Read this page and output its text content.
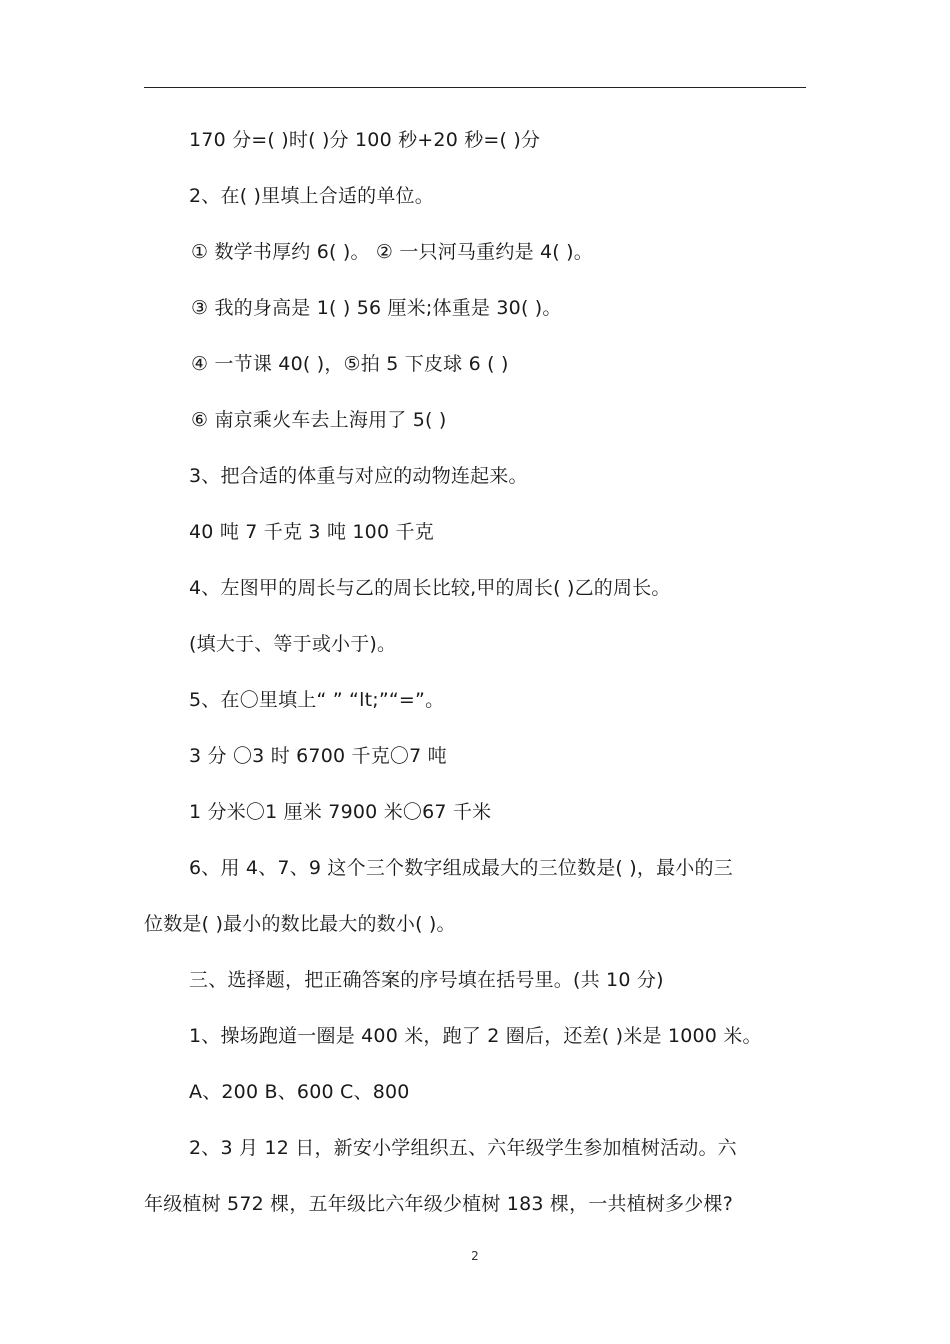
170 分=( )时( )分 100 秒+20 秒=( )分
2、在( )里填上合适的单位。
① 数学书厚约 6( )。 ② 一只河马重约是 4( )。
③ 我的身高是 1( ) 56 厘米;体重是 30( )。
④ 一节课 40( )，⑤拍 5 下皮球 6 ( )
⑥ 南京乘火车去上海用了 5( )
3、把合适的体重与对应的动物连起来。
40 吨 7 千克 3 吨 100 千克
4、左图甲的周长与乙的周长比较,甲的周长( )乙的周长。
(填大于、等于或小于)。
5、在〇里填上“ ” “lt;”“=”。
3 分 〇3 时 6700 千克〇7 吨
1 分米〇1 厘米 7900 米〇67 千米
6、用 4、7、9 这个三个数字组成最大的三位数是( )，最小的三
位数是( )最小的数比最大的数小( )。
三、选择题，把正确答案的序号填在括号里。(共 10 分)
1、操场跑道一圈是 400 米，跑了 2 圈后，还差( )米是 1000 米。
A、200 B、600 C、800
2、3 月 12 日，新安小学组织五、六年级学生参加植树活动。六
年级植树 572 棵，五年级比六年级少植树 183 棵，一共植树多少棵?
2
